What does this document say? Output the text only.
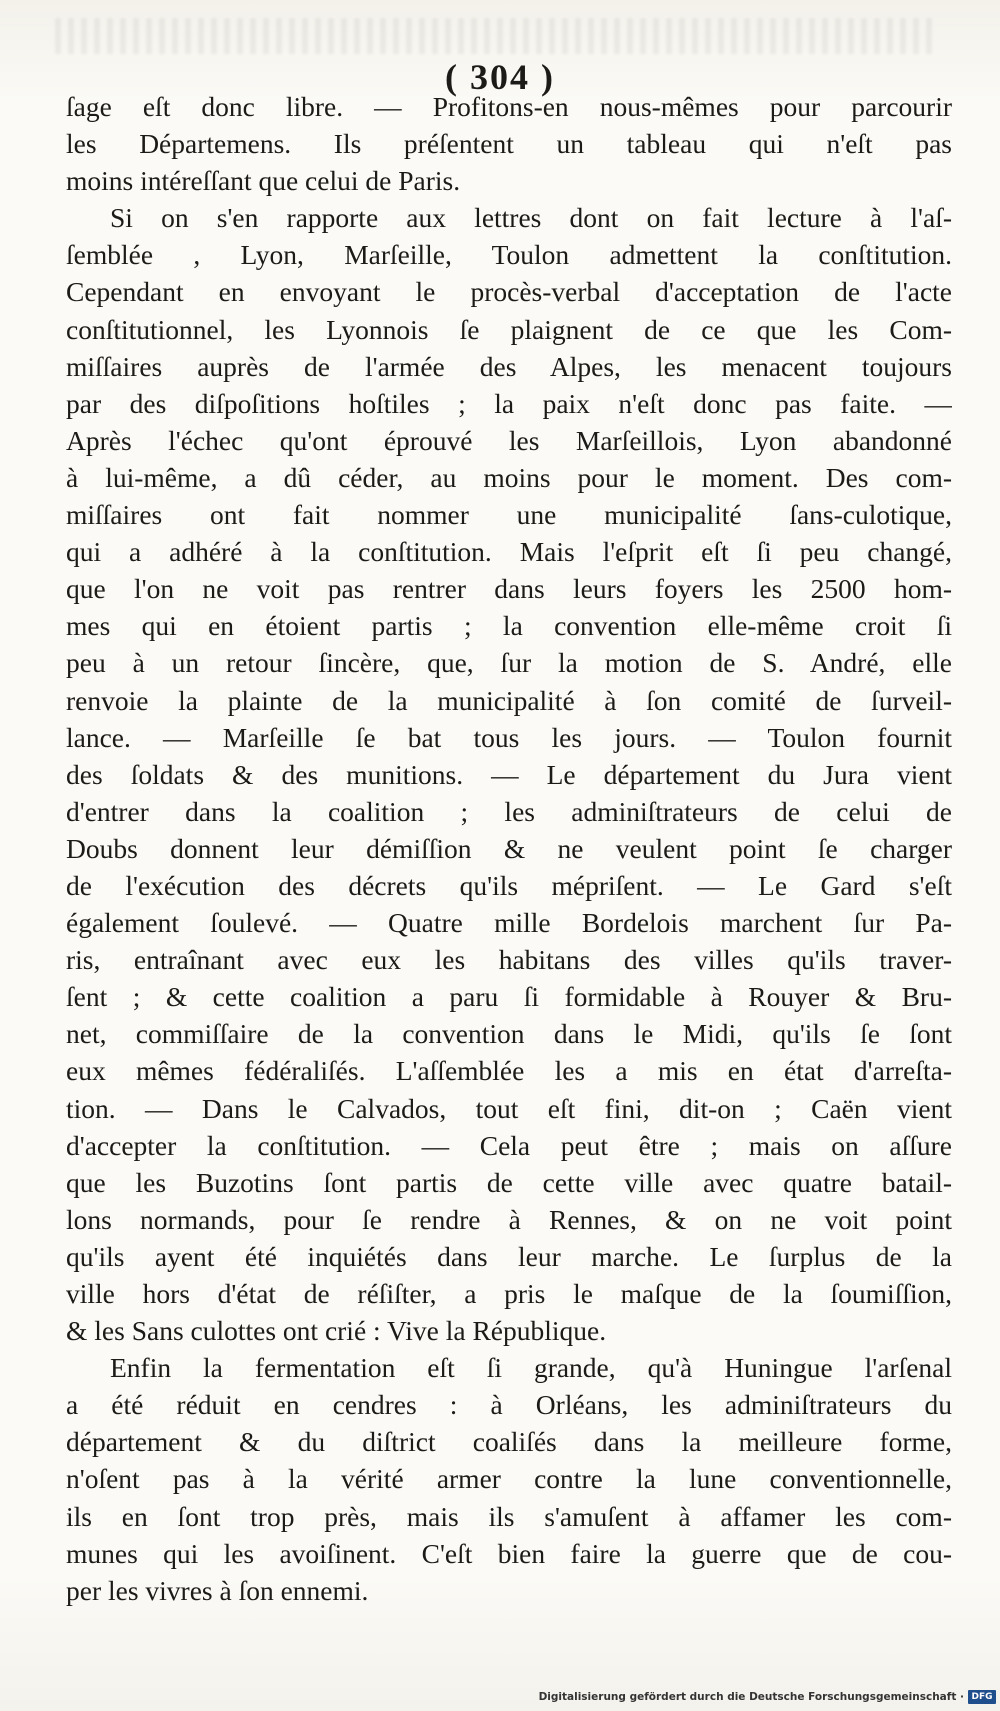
( 304 )

ſage eſt donc libre. — Profitons-en nous-mêmes pour parcourir
les Départemens. Ils préſentent un tableau qui n'eſt pas
moins intéreſſant que celui de Paris.

Si on s'en rapporte aux lettres dont on fait lecture à l'aſ-
ſemblée , Lyon, Marſeille, Toulon admettent la conſtitution.
Cependant en envoyant le procès-verbal d'acceptation de l'acte
conſtitutionnel, les Lyonnois ſe plaignent de ce que les Com-
miſſaires auprès de l'armée des Alpes, les menacent toujours
par des diſpoſitions hoſtiles ; la paix n'eſt donc pas faite. —
Après l'échec qu'ont éprouvé les Marſeillois, Lyon abandonné
à lui-même, a dû céder, au moins pour le moment. Des com-
miſſaires ont fait nommer une municipalité ſans-culotique,
qui a adhéré à la conſtitution. Mais l'eſprit eſt ſi peu changé,
que l'on ne voit pas rentrer dans leurs foyers les 2500 hom-
mes qui en étoient partis ; la convention elle-même croit ſi
peu à un retour ſincère, que, ſur la motion de S. André, elle
renvoie la plainte de la municipalité à ſon comité de ſurveil-
lance. — Marſeille ſe bat tous les jours. — Toulon fournit
des ſoldats & des munitions. — Le département du Jura vient
d'entrer dans la coalition ; les adminiſtrateurs de celui de
Doubs donnent leur démiſſion & ne veulent point ſe charger
de l'exécution des décrets qu'ils mépriſent. — Le Gard s'eſt
également ſoulevé. — Quatre mille Bordelois marchent ſur Pa-
ris, entraînant avec eux les habitans des villes qu'ils traver-
ſent ; & cette coalition a paru ſi formidable à Rouyer & Bru-
net, commiſſaire de la convention dans le Midi, qu'ils ſe ſont
eux mêmes fédéraliſés. L'aſſemblée les a mis en état d'arreſta-
tion. — Dans le Calvados, tout eſt fini, dit-on ; Caën vient
d'accepter la conſtitution. — Cela peut être ; mais on aſſure
que les Buzotins ſont partis de cette ville avec quatre batail-
lons normands, pour ſe rendre à Rennes, & on ne voit point
qu'ils ayent été inquiétés dans leur marche. Le ſurplus de la
ville hors d'état de réſiſter, a pris le maſque de la ſoumiſſion,
& les Sans culottes ont crié : Vive la République.

Enfin la fermentation eſt ſi grande, qu'à Huningue l'arſenal
a été réduit en cendres : à Orléans, les adminiſtrateurs du
département & du diſtrict coaliſés dans la meilleure forme,
n'oſent pas à la vérité armer contre la lune conventionnelle,
ils en ſont trop près, mais ils s'amuſent à affamer les com-
munes qui les avoiſinent. C'eſt bien faire la guerre que de cou-
per les vivres à ſon ennemi.

Digitalisierung gefördert durch die Deutsche Forschungsgemeinschaft · DFG
